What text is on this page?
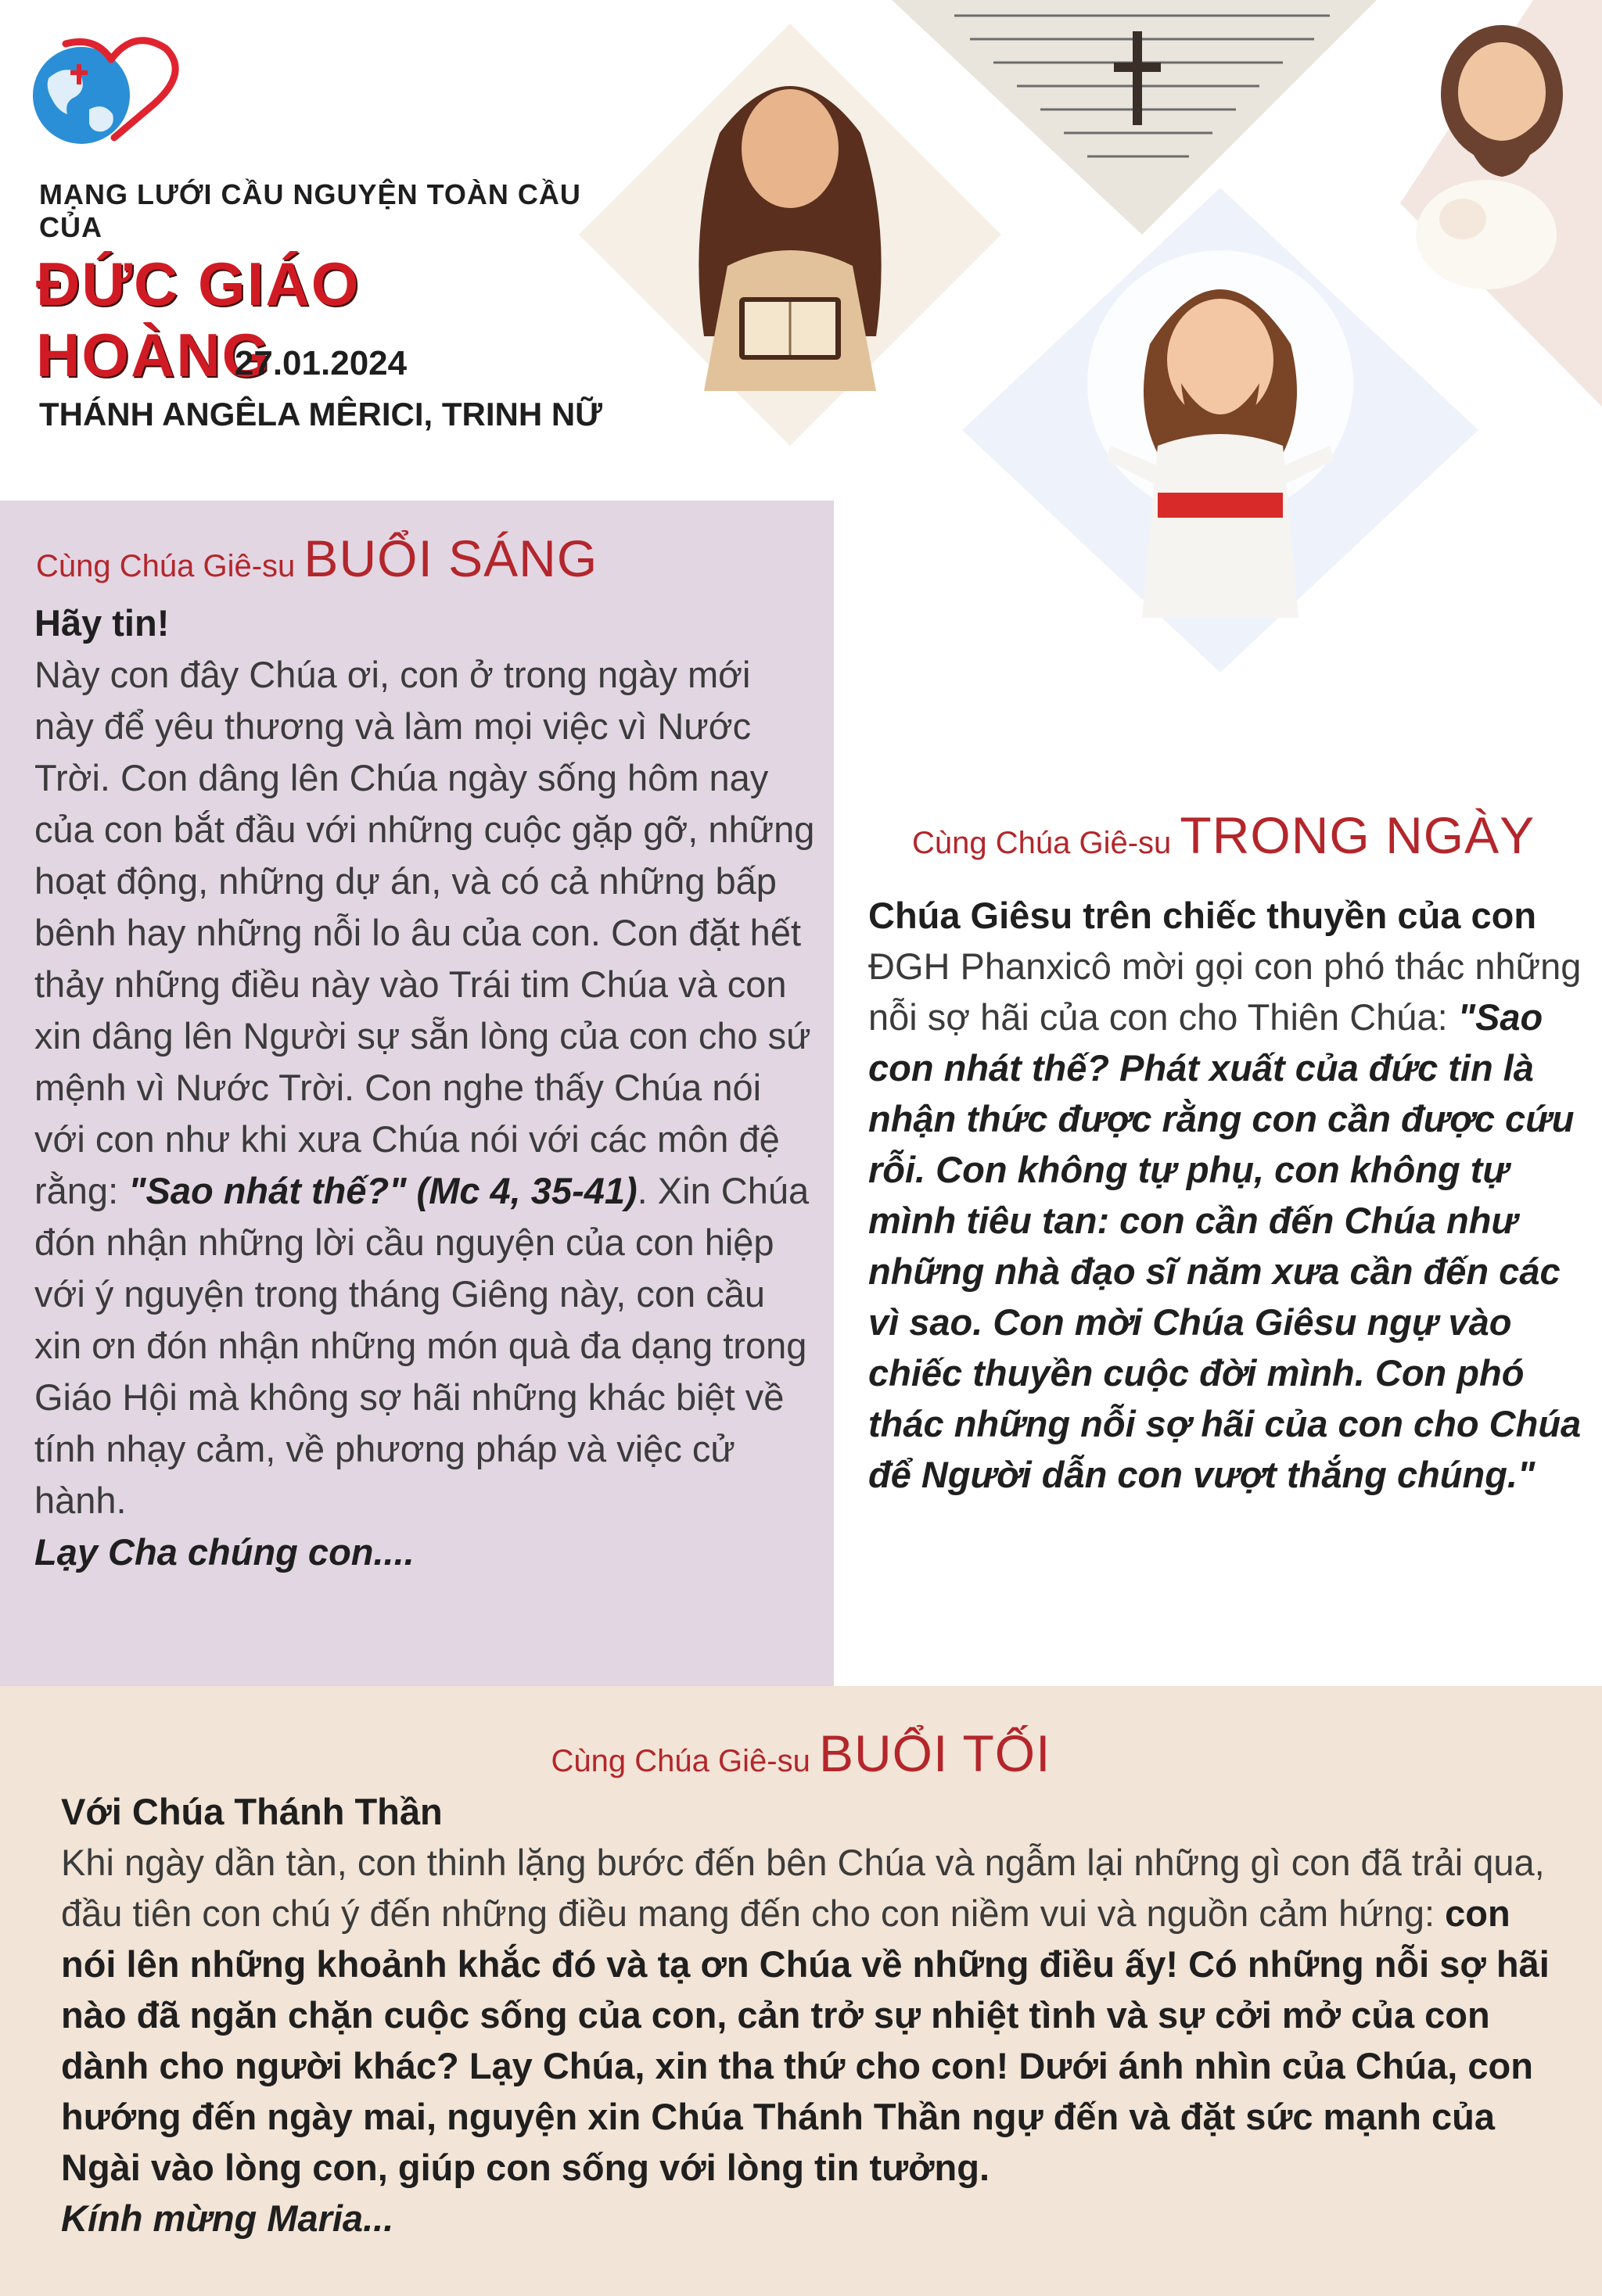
MẠNG LƯỚI CẦU NGUYỆN TOÀN CẦU CỦA
ĐỨC GIÁO HOÀNG
27.01.2024
THÁNH ANGÊLA MÊRICI, TRINH NỮ
Cùng Chúa Giê-su BUỔI SÁNG
Hãy tin!
Này con đây Chúa ơi, con ở trong ngày mới này để yêu thương và làm mọi việc vì Nước Trời. Con dâng lên Chúa ngày sống hôm nay của con bắt đầu với những cuộc gặp gỡ, những hoạt động, những dự án, và có cả những bấp bênh hay những nỗi lo âu của con. Con đặt hết thảy những điều này vào Trái tim Chúa và con xin dâng lên Người sự sẵn lòng của con cho sứ mệnh vì Nước Trời. Con nghe thấy Chúa nói với con như khi xưa Chúa nói với các môn đệ rằng: "Sao nhát thế?" (Mc 4, 35-41). Xin Chúa đón nhận những lời cầu nguyện của con hiệp với ý nguyện trong tháng Giêng này, con cầu xin ơn đón nhận những món quà đa dạng trong Giáo Hội mà không sợ hãi những khác biệt về tính nhạy cảm, về phương pháp và việc cử hành.
Lạy Cha chúng con....
Cùng Chúa Giê-su TRONG NGÀY
Chúa Giêsu trên chiếc thuyền của con
ĐGH Phanxicô mời gọi con phó thác những nỗi sợ hãi của con cho Thiên Chúa: "Sao con nhát thế? Phát xuất của đức tin là nhận thức được rằng con cần được cứu rỗi. Con không tự phụ, con không tự mình tiêu tan: con cần đến Chúa như những nhà đạo sĩ năm xưa cần đến các vì sao. Con mời Chúa Giêsu ngự vào chiếc thuyền cuộc đời mình. Con phó thác những nỗi sợ hãi của con cho Chúa để Người dẫn con vượt thắng chúng."
Cùng Chúa Giê-su BUỔI TỐI
Với Chúa Thánh Thần
Khi ngày dần tàn, con thinh lặng bước đến bên Chúa và ngẫm lại những gì con đã trải qua, đầu tiên con chú ý đến những điều mang đến cho con niềm vui và nguồn cảm hứng: con nói lên những khoảnh khắc đó và tạ ơn Chúa về những điều ấy! Có những nỗi sợ hãi nào đã ngăn chặn cuộc sống của con, cản trở sự nhiệt tình và sự cởi mở của con dành cho người khác? Lạy Chúa, xin tha thứ cho con! Dưới ánh nhìn của Chúa, con hướng đến ngày mai, nguyện xin Chúa Thánh Thần ngự đến và đặt sức mạnh của Ngài vào lòng con, giúp con sống với lòng tin tưởng.
Kính mừng Maria...
